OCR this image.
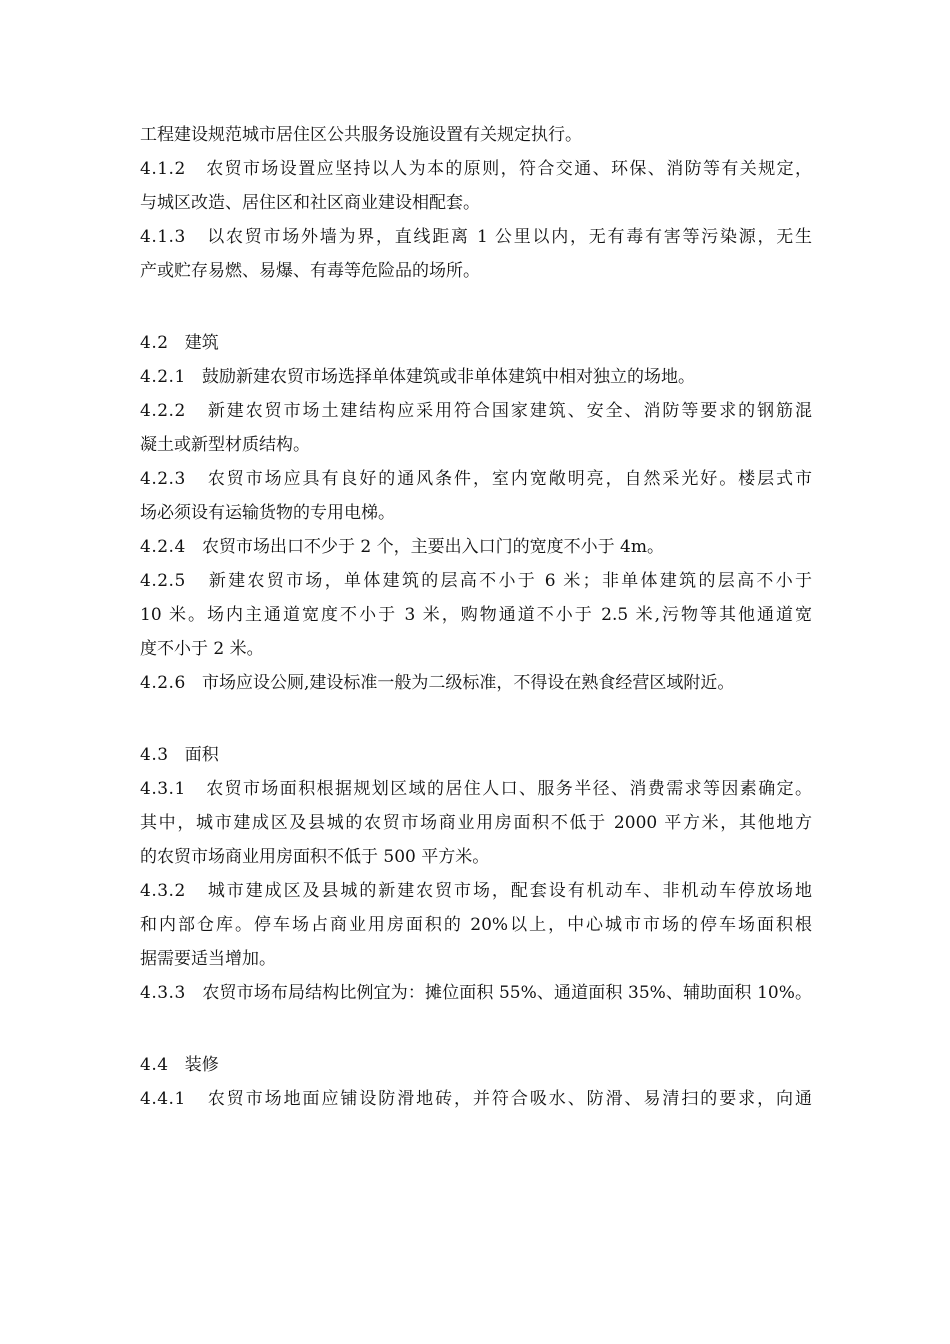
工程建设规范城市居住区公共服务设施设置有关规定执行。
4.1.2 农贸市场设置应坚持以人为本的原则，符合交通、环保、消防等有关规定，
与城区改造、居住区和社区商业建设相配套。
4.1.3 以农贸市场外墙为界，直线距离 1 公里以内，无有毒有害等污染源，无生
产或贮存易燃、易爆、有毒等危险品的场所。
4.2 建筑
4.2.1 鼓励新建农贸市场选择单体建筑或非单体建筑中相对独立的场地。
4.2.2 新建农贸市场土建结构应采用符合国家建筑、安全、消防等要求的钢筋混
凝土或新型材质结构。
4.2.3 农贸市场应具有良好的通风条件，室内宽敞明亮，自然采光好。楼层式市
场必须设有运输货物的专用电梯。
4.2.4 农贸市场出口不少于 2 个，主要出入口门的宽度不小于 4m。
4.2.5 新建农贸市场，单体建筑的层高不小于 6 米；非单体建筑的层高不小于
10 米。场内主通道宽度不小于 3 米，购物通道不小于 2.5 米,污物等其他通道宽
度不小于 2 米。
4.2.6 市场应设公厕,建设标准一般为二级标准，不得设在熟食经营区域附近。
4.3 面积
4.3.1 农贸市场面积根据规划区域的居住人口、服务半径、消费需求等因素确定。
其中，城市建成区及县城的农贸市场商业用房面积不低于 2000 平方米，其他地方
的农贸市场商业用房面积不低于 500 平方米。
4.3.2 城市建成区及县城的新建农贸市场，配套设有机动车、非机动车停放场地
和内部仓库。停车场占商业用房面积的 20%以上，中心城市市场的停车场面积根
据需要适当增加。
4.3.3 农贸市场布局结构比例宜为：摊位面积 55%、通道面积 35%、辅助面积 10%。
4.4 装修
4.4.1 农贸市场地面应铺设防滑地砖，并符合吸水、防滑、易清扫的要求，向通
